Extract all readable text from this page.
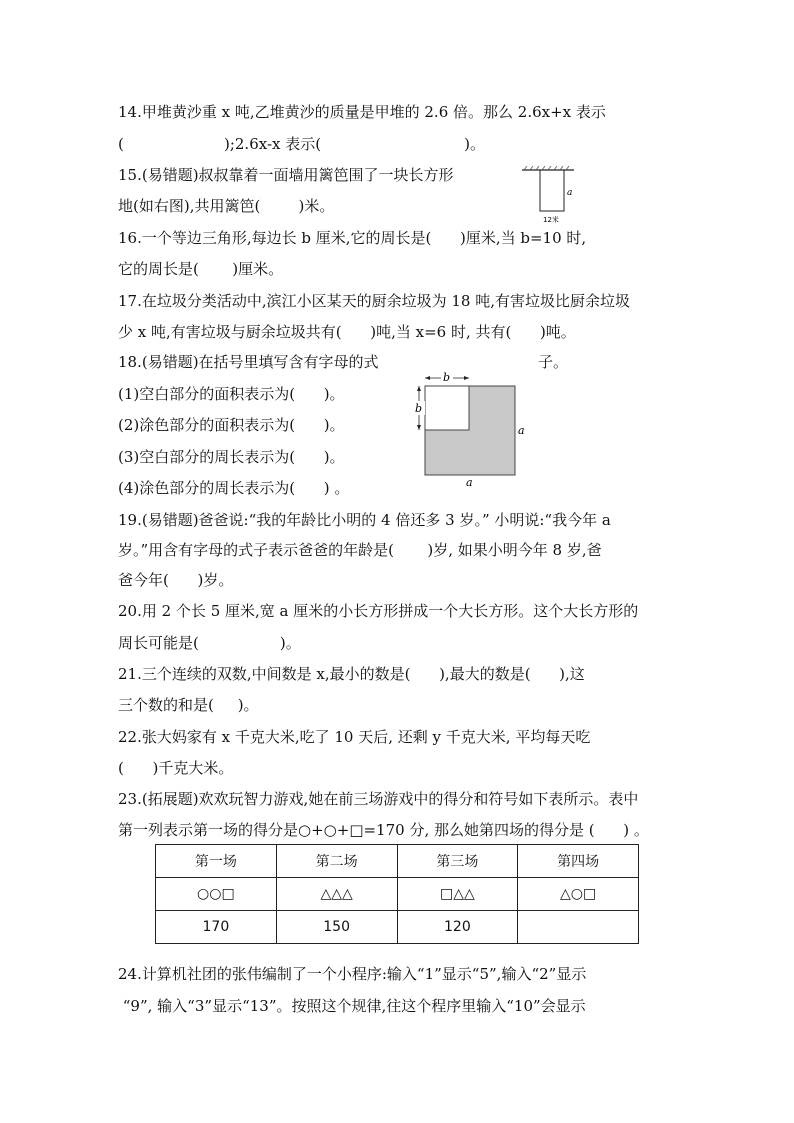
14.甲堆黄沙重 x 吨,乙堆黄沙的质量是甲堆的 2.6 倍。那么 2.6x+x 表示
(                     );2.6x-x 表示(                              )。
15.(易错题)叔叔靠着一面墙用篱笆围了一块长方形
地(如右图),共用篱笆(        )米。
a
12米
16.一个等边三角形,每边长 b 厘米,它的周长是(      )厘米,当 b=10 时,
它的周长是(       )厘米。
17.在垃圾分类活动中,滨江小区某天的厨余垃圾为 18 吨,有害垃圾比厨余垃圾
少 x 吨,有害垃圾与厨余垃圾共有(      )吨,当 x=6 时, 共有(      )吨。
18.(易错题)在括号里填写含有字母的式	子。
(1)空白部分的面积表示为(      )。
(2)涂色部分的面积表示为(      )。
(3)空白部分的周长表示为(      )。
(4)涂色部分的周长表示为(      ) 。
b
b
a
a
19.(易错题)爸爸说:“我的年龄比小明的 4 倍还多 3 岁。” 小明说:“我今年 a
岁。”用含有字母的式子表示爸爸的年龄是(       )岁, 如果小明今年 8 岁,爸
爸今年(      )岁。
20.用 2 个长 5 厘米,宽 a 厘米的小长方形拼成一个大长方形。这个大长方形的
周长可能是(                 )。
21.三个连续的双数,中间数是 x,最小的数是(      ),最大的数是(      ),这
三个数的和是(     )。
22.张大妈家有 x 千克大米,吃了 10 天后, 还剩 y 千克大米, 平均每天吃
(      )千克大米。
23.(拓展题)欢欢玩智力游戏,她在前三场游戏中的得分和符号如下表所示。表中
第一列表示第一场的得分是○+○+□=170 分, 那么她第四场的得分是 (      ) 。
第一场	第二场	第三场	第四场
○○□	△△△	□△△	△○□
170	150	120	
24.计算机社团的张伟编制了一个小程序:输入“1”显示“5”,输入“2”显示
“9”, 输入“3”显示“13”。按照这个规律,往这个程序里输入“10”会显示
